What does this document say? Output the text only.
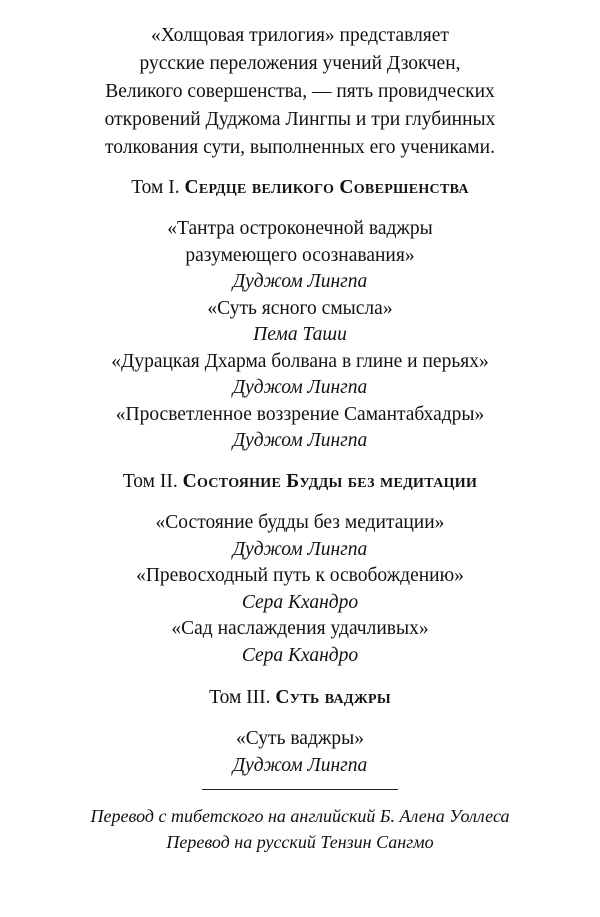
«Холщовая трилогия» представляет
русские переложения учений Дзокчен,
Великого совершенства, — пять провидческих
откровений Дуджома Лингпы и три глубинных
толкования сути, выполненных его учениками.
Том I. Сердце великого Совершенства
«Тантра остроконечной ваджры
разумеющего осознавания»
Дуджом Лингпа
«Суть ясного смысла»
Пема Таши
«Дурацкая Дхарма болвана в глине и перьях»
Дуджом Лингпа
«Просветленное воззрение Самантабхадры»
Дуджом Лингпа
Том II. Состояние Будды без медитации
«Состояние будды без медитации»
Дуджом Лингпа
«Превосходный путь к освобождению»
Сера Кхандро
«Сад наслаждения удачливых»
Сера Кхандро
Том III. Суть ваджры
«Суть ваджры»
Дуджом Лингпа
Перевод с тибетского на английский Б. Алена Уоллеса
Перевод на русский Тензин Сангмо
